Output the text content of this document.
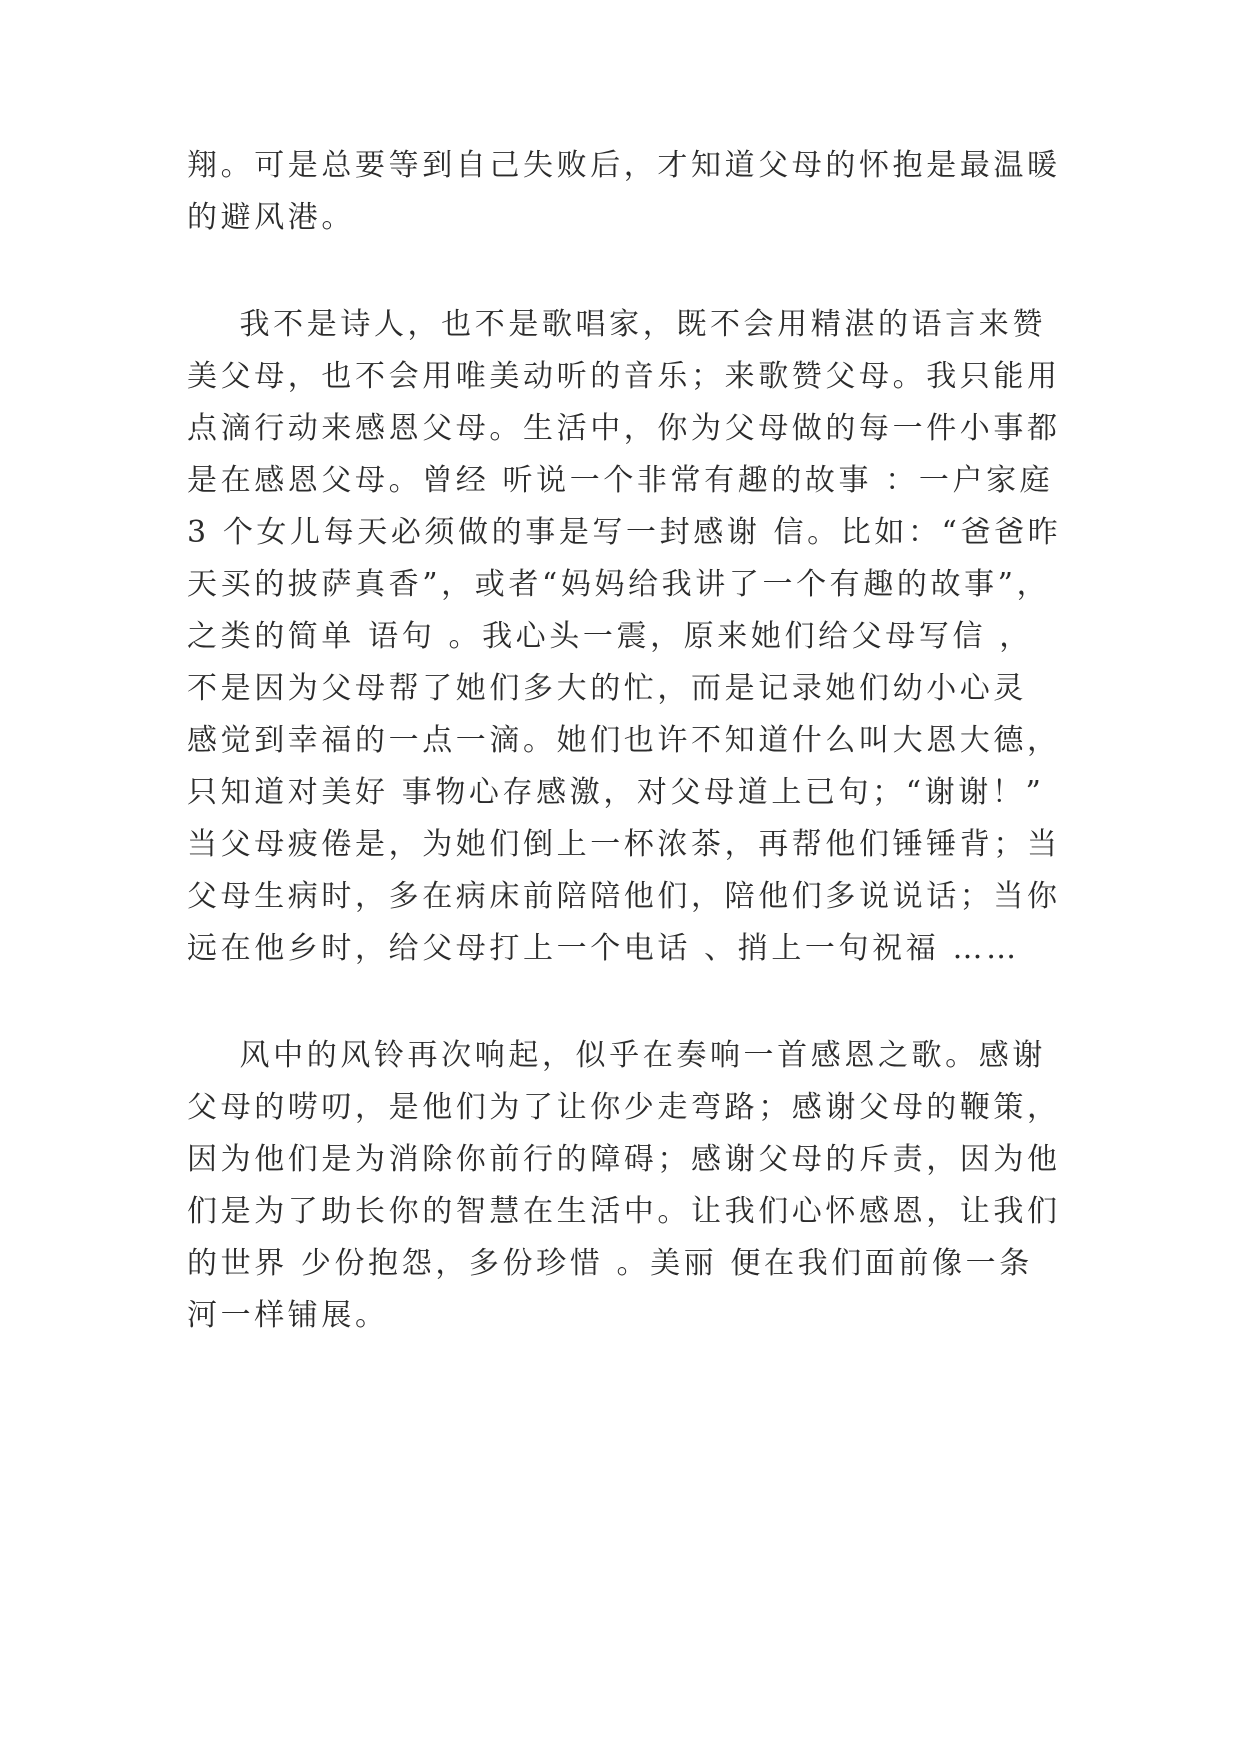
翔。可是总要等到自己失败后，才知道父母的怀抱是最温暖
的避风港。
我不是诗人，也不是歌唱家，既不会用精湛的语言来赞
美父母，也不会用唯美动听的音乐；来歌赞父母。我只能用
点滴行动来感恩父母。生活中，你为父母做的每一件小事都
是在感恩父母。曾经 听说一个非常有趣的故事 ：一户家庭
3 个女儿每天必须做的事是写一封感谢 信。比如：“爸爸昨
天买的披萨真香”，或者“妈妈给我讲了一个有趣的故事”，
之类的简单 语句 。我心头一震，原来她们给父母写信 ，
不是因为父母帮了她们多大的忙，而是记录她们幼小心灵
感觉到幸福的一点一滴。她们也许不知道什么叫大恩大德，
只知道对美好 事物心存感激，对父母道上已句；“谢谢！”
当父母疲倦是，为她们倒上一杯浓茶，再帮他们锤锤背；当
父母生病时，多在病床前陪陪他们，陪他们多说说话；当你
远在他乡时，给父母打上一个电话 、捎上一句祝福 ……
风中的风铃再次响起，似乎在奏响一首感恩之歌。感谢
父母的唠叨，是他们为了让你少走弯路；感谢父母的鞭策，
因为他们是为消除你前行的障碍；感谢父母的斥责，因为他
们是为了助长你的智慧在生活中。让我们心怀感恩，让我们
的世界 少份抱怨，多份珍惜 。美丽 便在我们面前像一条
河一样铺展。
